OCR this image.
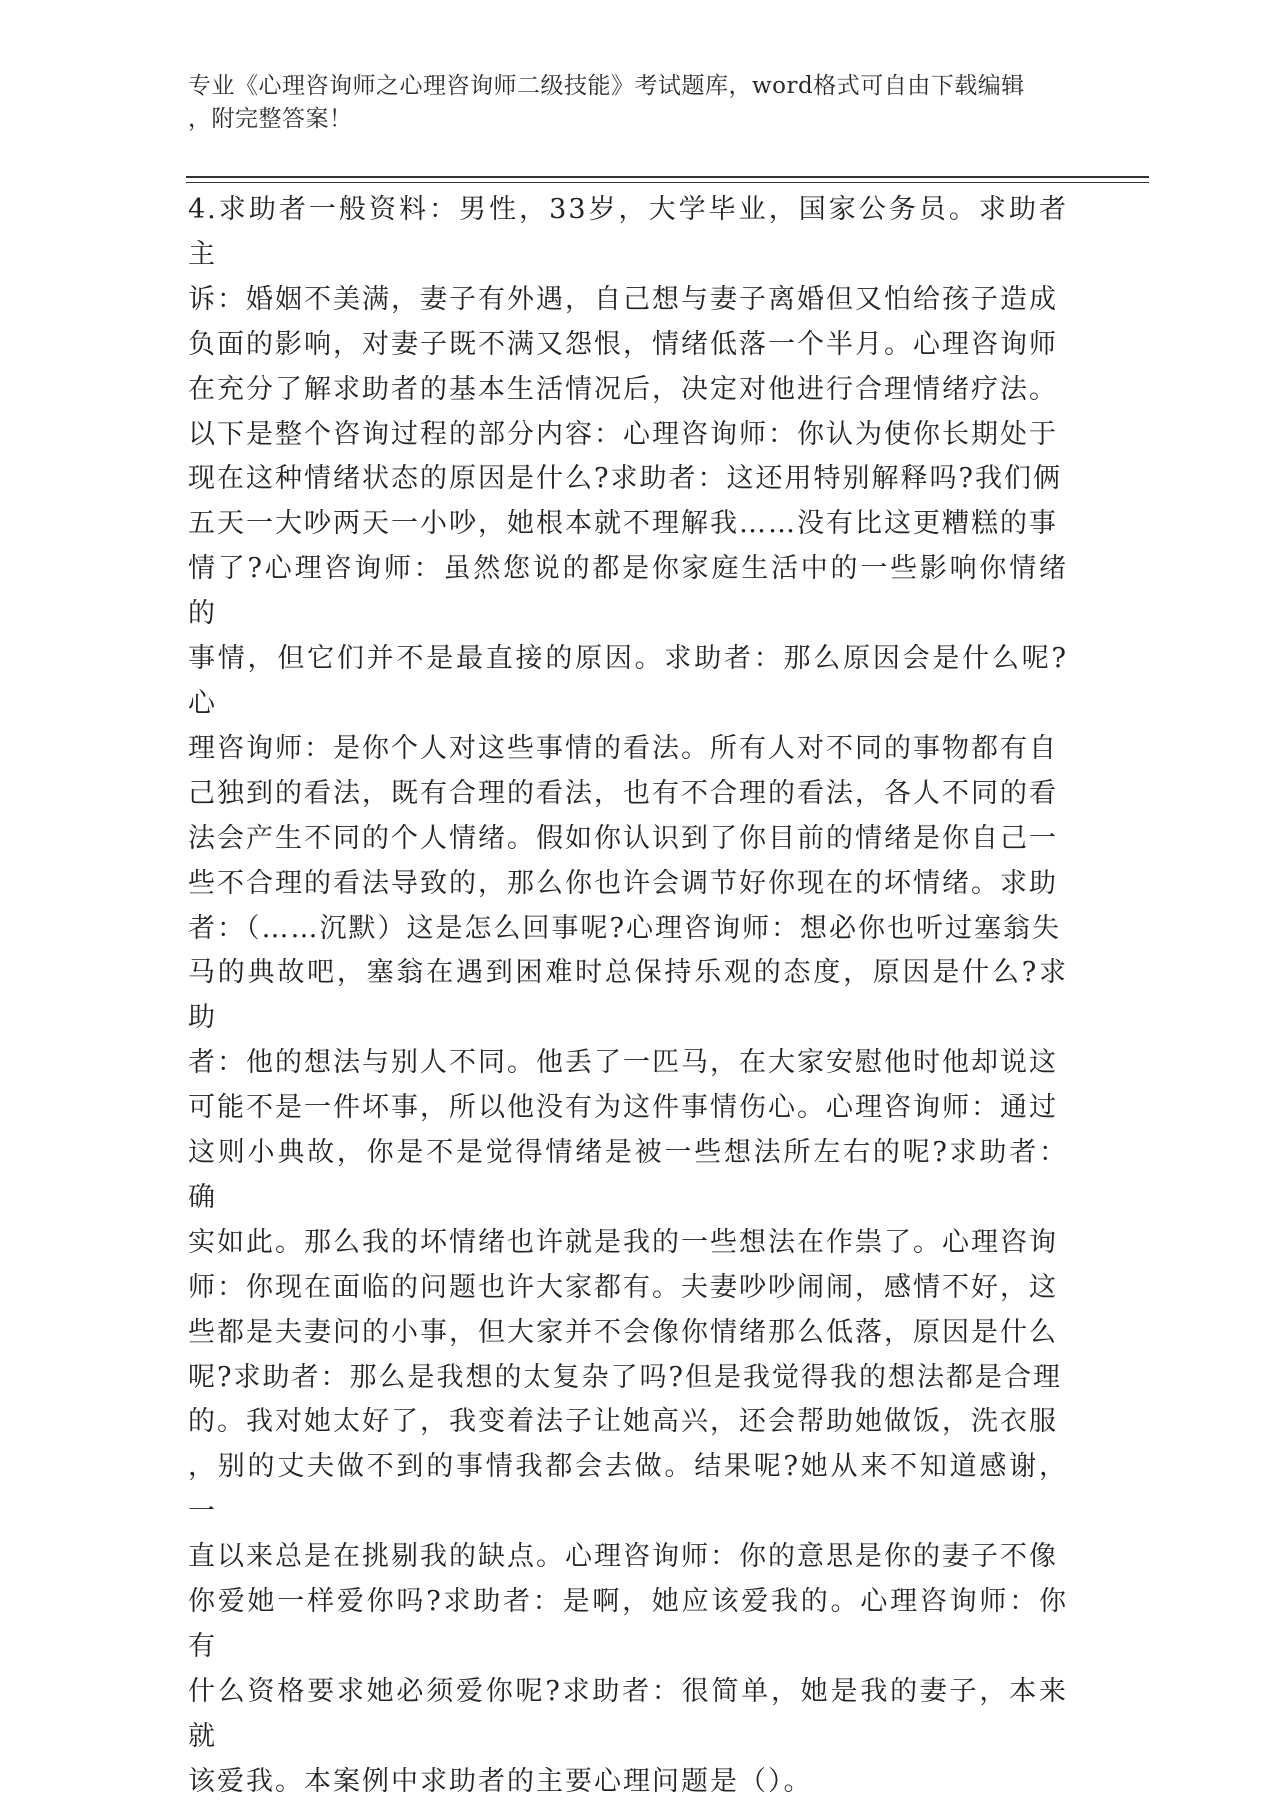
专业《心理咨询师之心理咨询师二级技能》考试题库，word格式可自由下载编辑
，附完整答案！

4.求助者一般资料：男性，33岁，大学毕业，国家公务员。求助者主

诉：婚姻不美满，妻子有外遇，自己想与妻子离婚但又怕给孩子造成

负面的影响，对妻子既不满又怨恨，情绪低落一个半月。心理咨询师

在充分了解求助者的基本生活情况后，决定对他进行合理情绪疗法。

以下是整个咨询过程的部分内容：心理咨询师：你认为使你长期处于

现在这种情绪状态的原因是什么?求助者：这还用特别解释吗?我们俩

五天一大吵两天一小吵，她根本就不理解我……没有比这更糟糕的事

情了?心理咨询师：虽然您说的都是你家庭生活中的一些影响你情绪的

事情，但它们并不是最直接的原因。求助者：那么原因会是什么呢?心

理咨询师：是你个人对这些事情的看法。所有人对不同的事物都有自

己独到的看法，既有合理的看法，也有不合理的看法，各人不同的看

法会产生不同的个人情绪。假如你认识到了你目前的情绪是你自己一

些不合理的看法导致的，那么你也许会调节好你现在的坏情绪。求助

者：（……沉默）这是怎么回事呢?心理咨询师：想必你也听过塞翁失

马的典故吧，塞翁在遇到困难时总保持乐观的态度，原因是什么?求助

者：他的想法与别人不同。他丢了一匹马，在大家安慰他时他却说这

可能不是一件坏事，所以他没有为这件事情伤心。心理咨询师：通过

这则小典故，你是不是觉得情绪是被一些想法所左右的呢?求助者：确

实如此。那么我的坏情绪也许就是我的一些想法在作祟了。心理咨询

师：你现在面临的问题也许大家都有。夫妻吵吵闹闹，感情不好，这

些都是夫妻问的小事，但大家并不会像你情绪那么低落，原因是什么

呢?求助者：那么是我想的太复杂了吗?但是我觉得我的想法都是合理

的。我对她太好了，我变着法子让她高兴，还会帮助她做饭，洗衣服

，别的丈夫做不到的事情我都会去做。结果呢?她从来不知道感谢，一

直以来总是在挑剔我的缺点。心理咨询师：你的意思是你的妻子不像

你爱她一样爱你吗?求助者：是啊，她应该爱我的。心理咨询师：你有

什么资格要求她必须爱你呢?求助者：很简单，她是我的妻子，本来就

该爱我。本案例中求助者的主要心理问题是（）。
